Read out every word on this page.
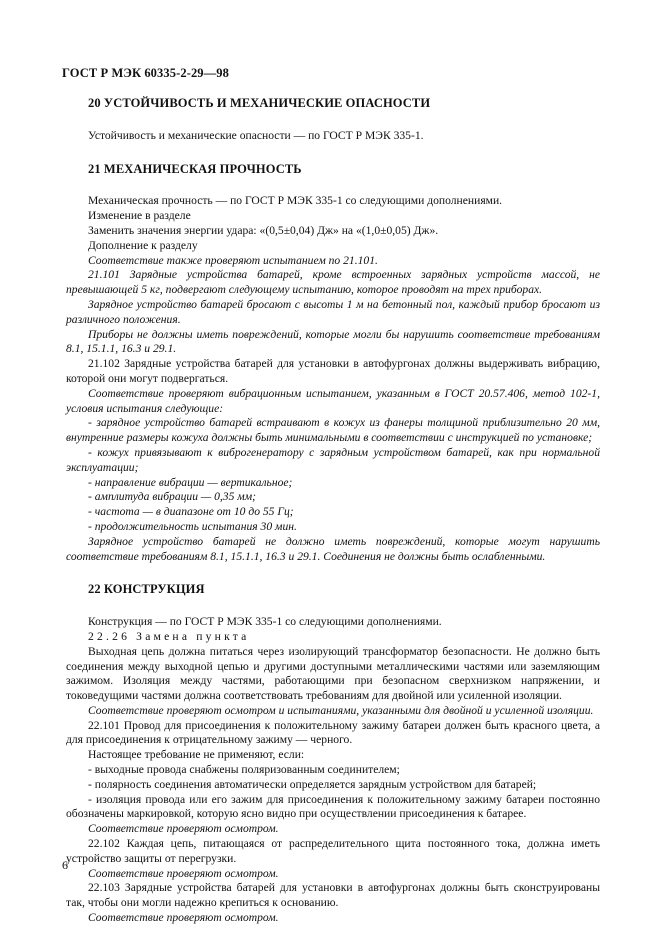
ГОСТ Р МЭК 60335-2-29—98
20 УСТОЙЧИВОСТЬ И МЕХАНИЧЕСКИЕ ОПАСНОСТИ

Устойчивость и механические опасности — по ГОСТ Р МЭК 335-1.

21 МЕХАНИЧЕСКАЯ ПРОЧНОСТЬ

Механическая прочность — по ГОСТ Р МЭК 335-1 со следующими дополнениями.

Изменение в разделе

Заменить значения энергии удара: «(0,5±0,04) Дж» на «(1,0±0,05) Дж».

Дополнение к разделу

Соответствие также проверяют испытанием по 21.101.

21.101 Зарядные устройства батарей, кроме встроенных зарядных устройств массой, не превышающей 5 кг, подвергают следующему испытанию, которое проводят на трех приборах.

Зарядное устройство батарей бросают с высоты 1 м на бетонный пол, каждый прибор бросают из различного положения.

Приборы не должны иметь повреждений, которые могли бы нарушить соответствие требованиям 8.1, 15.1.1, 16.3 и 29.1.

21.102 Зарядные устройства батарей для установки в автофургонах должны выдерживать вибрацию, которой они могут подвергаться.

Соответствие проверяют вибрационным испытанием, указанным в ГОСТ 20.57.406, метод 102-1, условия испытания следующие:

- зарядное устройство батарей встраивают в кожух из фанеры толщиной приблизительно 20 мм, внутренние размеры кожуха должны быть минимальными в соответствии с инструкцией по установке;

- кожух привязывают к виброгенератору с зарядным устройством батарей, как при нормальной эксплуатации;

- направление вибрации — вертикальное;

- амплитуда вибрации — 0,35 мм;

- частота — в диапазоне от 10 до 55 Гц;

- продолжительность испытания 30 мин.

Зарядное устройство батарей не должно иметь повреждений, которые могут нарушить соответствие требованиям 8.1, 15.1.1, 16.3 и 29.1. Соединения не должны быть ослабленными.

22 КОНСТРУКЦИЯ

Конструкция — по ГОСТ Р МЭК 335-1 со следующими дополнениями.

22.26 Замена пункта

Выходная цепь должна питаться через изолирующий трансформатор безопасности. Не должно быть соединения между выходной цепью и другими доступными металлическими частями или заземляющим зажимом. Изоляция между частями, работающими при безопасном сверхнизком напряжении, и токоведущими частями должна соответствовать требованиям для двойной или усиленной изоляции.

Соответствие проверяют осмотром и испытаниями, указанными для двойной и усиленной изоляции.

22.101 Провод для присоединения к положительному зажиму батареи должен быть красного цвета, а для присоединения к отрицательному зажиму — черного.

Настоящее требование не применяют, если:

- выходные провода снабжены поляризованным соединителем;

- полярность соединения автоматически определяется зарядным устройством для батарей;

- изоляция провода или его зажим для присоединения к положительному зажиму батареи постоянно обозначены маркировкой, которую ясно видно при осуществлении присоединения к батарее.

Соответствие проверяют осмотром.

22.102 Каждая цепь, питающаяся от распределительного щита постоянного тока, должна иметь устройство защиты от перегрузки.

Соответствие проверяют осмотром.

22.103 Зарядные устройства батарей для установки в автофургонах должны быть сконструированы так, чтобы они могли надежно крепиться к основанию.

Соответствие проверяют осмотром.

6
